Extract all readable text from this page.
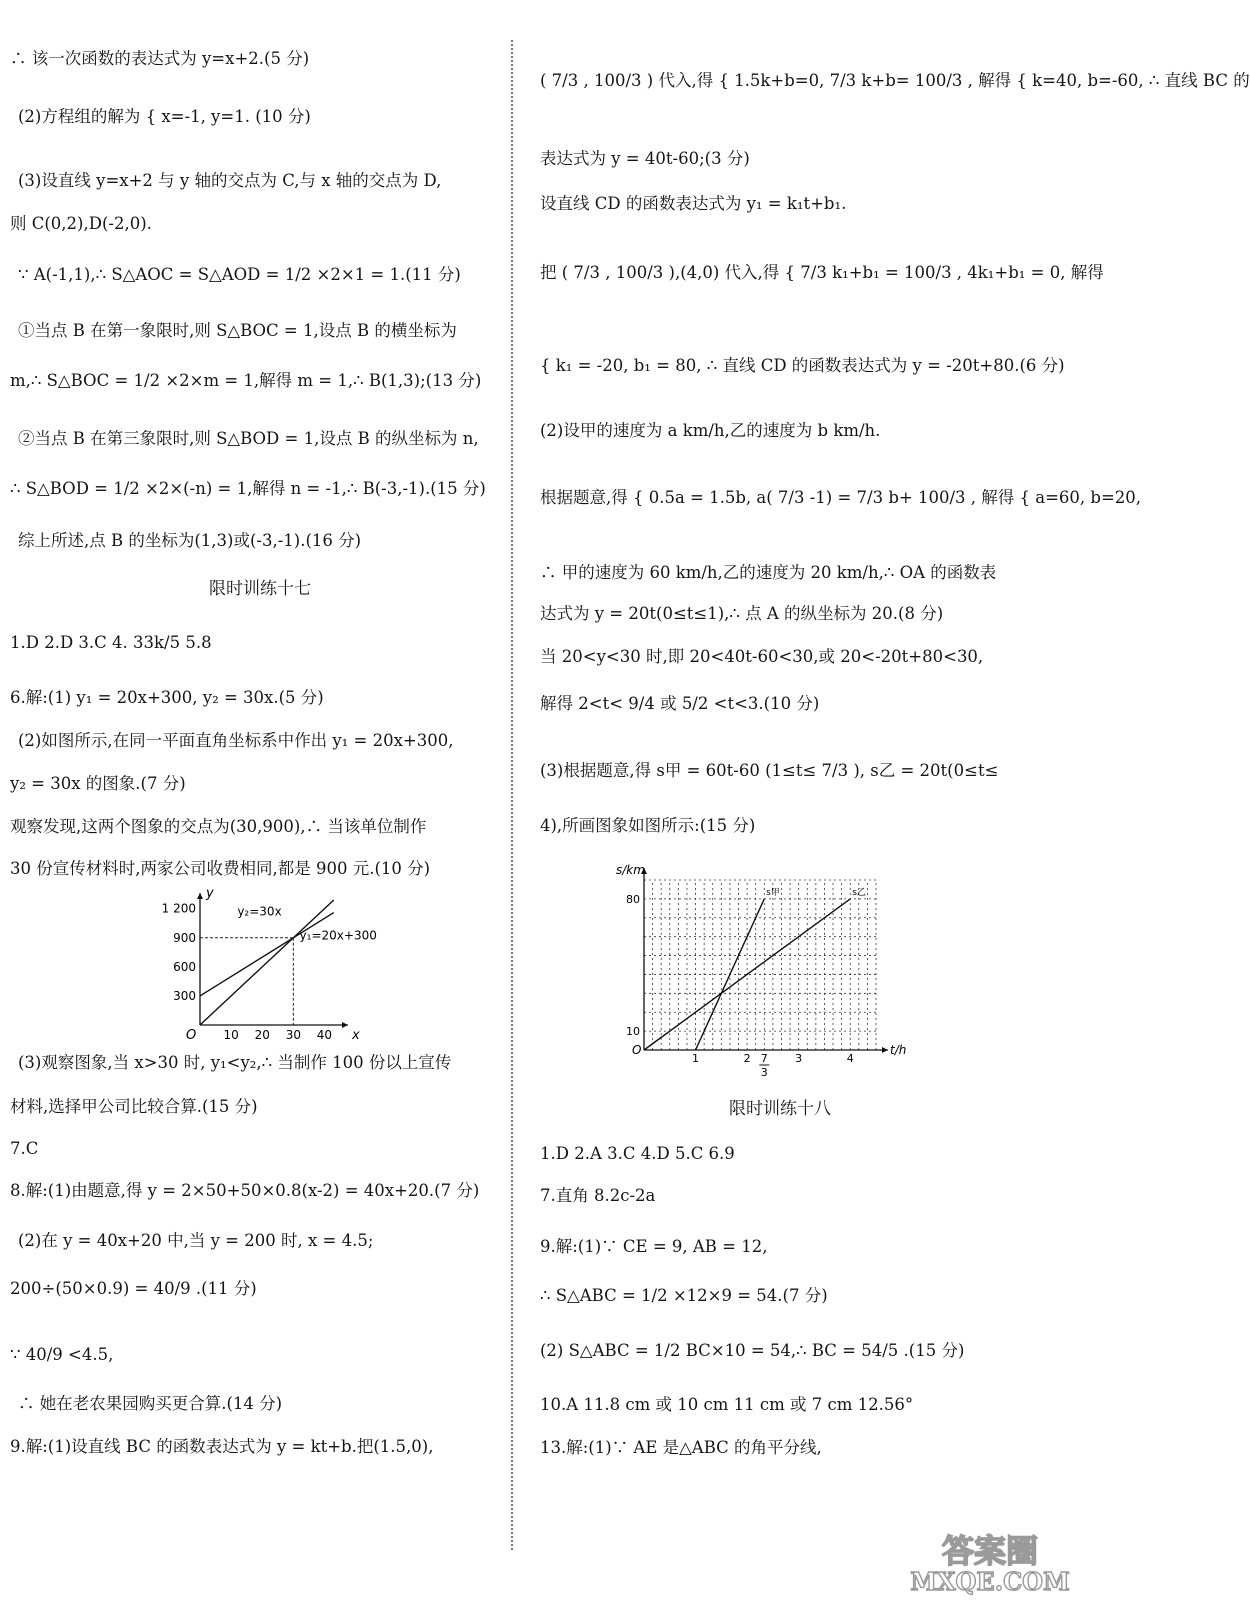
∴ 该一次函数的表达式为 y=x+2.(5 分)
(2)方程组的解为 { x=-1, y=1. (10 分)
(3)设直线 y=x+2 与 y 轴的交点为 C,与 x 轴的交点为 D,
则 C(0,2),D(-2,0).
∵ A(-1,1),∴ S△AOC = S△AOD = 1/2 ×2×1 = 1.(11 分)
①当点 B 在第一象限时,则 S△BOC = 1,设点 B 的横坐标为
m,∴ S△BOC = 1/2 ×2×m = 1,解得 m = 1,∴ B(1,3);(13 分)
②当点 B 在第三象限时,则 S△BOD = 1,设点 B 的纵坐标为 n,
∴ S△BOD = 1/2 ×2×(-n) = 1,解得 n = -1,∴ B(-3,-1).(15 分)
综上所述,点 B 的坐标为(1,3)或(-3,-1).(16 分)
限时训练十七
1.D 2.D 3.C 4. 33k/5 5.8
6.解:(1) y₁ = 20x+300, y₂ = 30x.(5 分)
(2)如图所示,在同一平面直角坐标系中作出 y₁ = 20x+300,
y₂ = 30x 的图象.(7 分)
观察发现,这两个图象的交点为(30,900),∴ 当该单位制作
30 份宣传材料时,两家公司收费相同,都是 900 元.(10 分)
1 200
900
600
300
10 20 30 40
y
x
O
y₂=30x
y₁=20x+300
(3)观察图象,当 x>30 时, y₁<y₂,∴ 当制作 100 份以上宣传
材料,选择甲公司比较合算.(15 分)
7.C
8.解:(1)由题意,得 y = 2×50+50×0.8(x-2) = 40x+20.(7 分)
(2)在 y = 40x+20 中,当 y = 200 时, x = 4.5;
200÷(50×0.9) = 40/9 .(11 分)
∵ 40/9 <4.5,
∴ 她在老农果园购买更合算.(14 分)
9.解:(1)设直线 BC 的函数表达式为 y = kt+b.把(1.5,0),
( 7/3 , 100/3 ) 代入,得 { 1.5k+b=0, 7/3 k+b= 100/3 , 解得 { k=40, b=-60, ∴ 直线 BC 的
表达式为 y = 40t-60;(3 分)
设直线 CD 的函数表达式为 y₁ = k₁t+b₁.
把 ( 7/3 , 100/3 ),(4,0) 代入,得 { 7/3 k₁+b₁ = 100/3 , 4k₁+b₁ = 0, 解得
{ k₁ = -20, b₁ = 80, ∴ 直线 CD 的函数表达式为 y = -20t+80.(6 分)
(2)设甲的速度为 a km/h,乙的速度为 b km/h.
根据题意,得 { 0.5a = 1.5b, a( 7/3 -1) = 7/3 b+ 100/3 , 解得 { a=60, b=20,
∴ 甲的速度为 60 km/h,乙的速度为 20 km/h,∴ OA 的函数表
达式为 y = 20t(0≤t≤1),∴ 点 A 的纵坐标为 20.(8 分)
当 20<y<30 时,即 20<40t-60<30,或 20<-20t+80<30,
解得 2<t< 9/4 或 5/2 <t<3.(10 分)
(3)根据题意,得 s甲 = 60t-60 (1≤t≤ 7/3 ), s乙 = 20t(0≤t≤
4),所画图象如图所示:(15 分)
80
10
1	2 7 3	4
3
s/km
t/h
O
s甲	s乙
限时训练十八
1.D 2.A 3.C 4.D 5.C 6.9
7.直角 8.2c-2a
9.解:(1)∵ CE = 9, AB = 12,
∴ S△ABC = 1/2 ×12×9 = 54.(7 分)
(2) S△ABC = 1/2 BC×10 = 54,∴ BC = 54/5 .(15 分)
10.A 11.8 cm 或 10 cm 11 cm 或 7 cm 12.56°
13.解:(1)∵ AE 是△ABC 的角平分线,
答案圈
MXQE.COM
